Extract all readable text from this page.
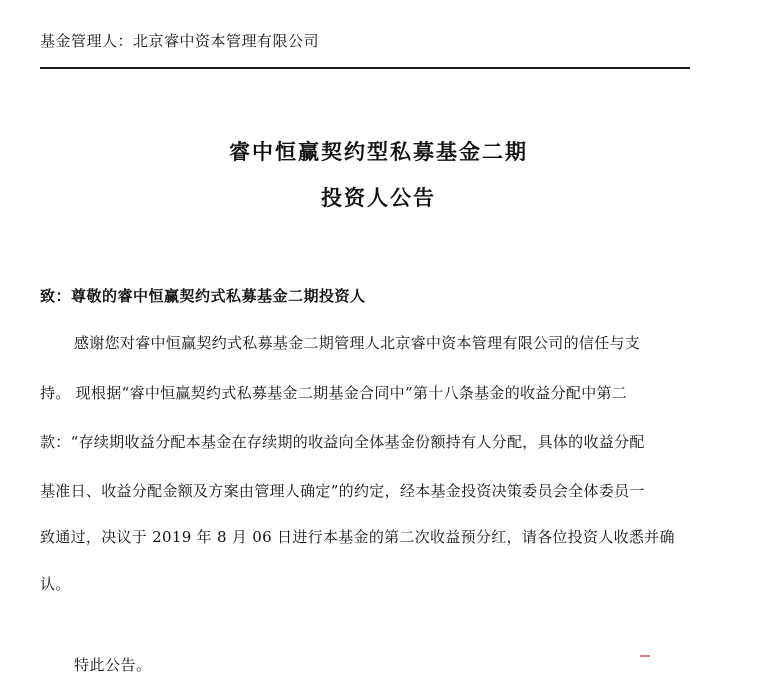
基金管理人：北京睿中资本管理有限公司
睿中恒赢契约型私募基金二期
投资人公告
致：尊敬的睿中恒赢契约式私募基金二期投资人
感谢您对睿中恒赢契约式私募基金二期管理人北京睿中资本管理有限公司的信任与支
持。 现根据“睿中恒赢契约式私募基金二期基金合同中”第十八条基金的收益分配中第二
款：“存续期收益分配本基金在存续期的收益向全体基金份额持有人分配，具体的收益分配
基准日、收益分配金额及方案由管理人确定”的约定，经本基金投资决策委员会全体委员一
致通过，决议于 2019 年 8 月 06 日进行本基金的第二次收益预分红，请各位投资人收悉并确
认。
特此公告。
